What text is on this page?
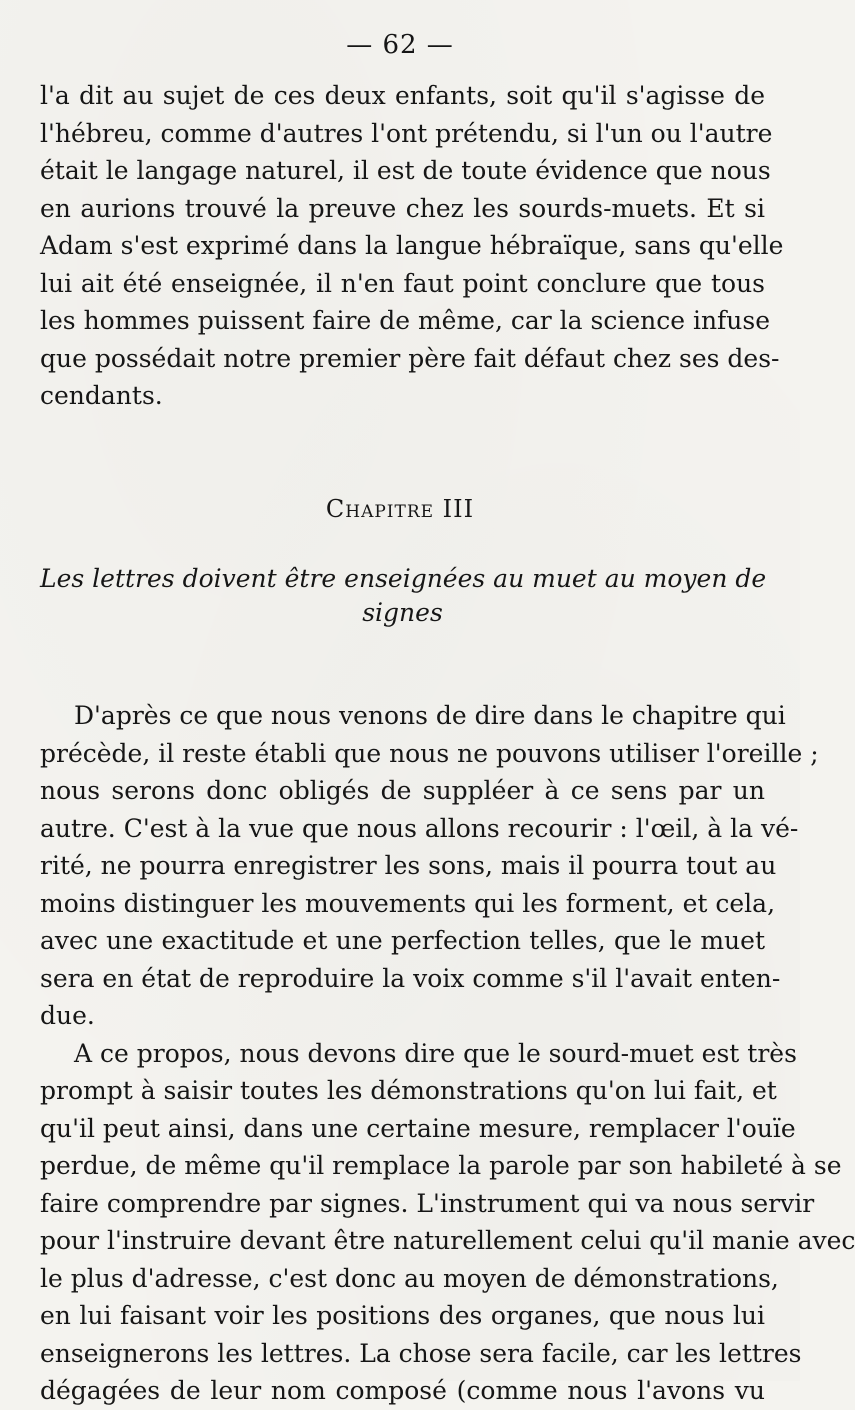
— 62 —
l'a dit au sujet de ces deux enfants, soit qu'il s'agisse de
l'hébreu, comme d'autres l'ont prétendu, si l'un ou l'autre
était le langage naturel, il est de toute évidence que nous
en aurions trouvé la preuve chez les sourds-muets. Et si
Adam s'est exprimé dans la langue hébraïque, sans qu'elle
lui ait été enseignée, il n'en faut point conclure que tous
les hommes puissent faire de même, car la science infuse
que possédait notre premier père fait défaut chez ses des-
cendants.
Chapitre III
Les lettres doivent être enseignées au muet au moyen de
signes
D'après ce que nous venons de dire dans le chapitre qui
précède, il reste établi que nous ne pouvons utiliser l'oreille ;
nous serons donc obligés de suppléer à ce sens par un
autre. C'est à la vue que nous allons recourir : l'œil, à la vé-
rité, ne pourra enregistrer les sons, mais il pourra tout au
moins distinguer les mouvements qui les forment, et cela,
avec une exactitude et une perfection telles, que le muet
sera en état de reproduire la voix comme s'il l'avait enten-
due.
A ce propos, nous devons dire que le sourd-muet est très
prompt à saisir toutes les démonstrations qu'on lui fait, et
qu'il peut ainsi, dans une certaine mesure, remplacer l'ouïe
perdue, de même qu'il remplace la parole par son habileté à se
faire comprendre par signes. L'instrument qui va nous servir
pour l'instruire devant être naturellement celui qu'il manie avec
le plus d'adresse, c'est donc au moyen de démonstrations,
en lui faisant voir les positions des organes, que nous lui
enseignerons les lettres. La chose sera facile, car les lettres
dégagées de leur nom composé (comme nous l'avons vu
